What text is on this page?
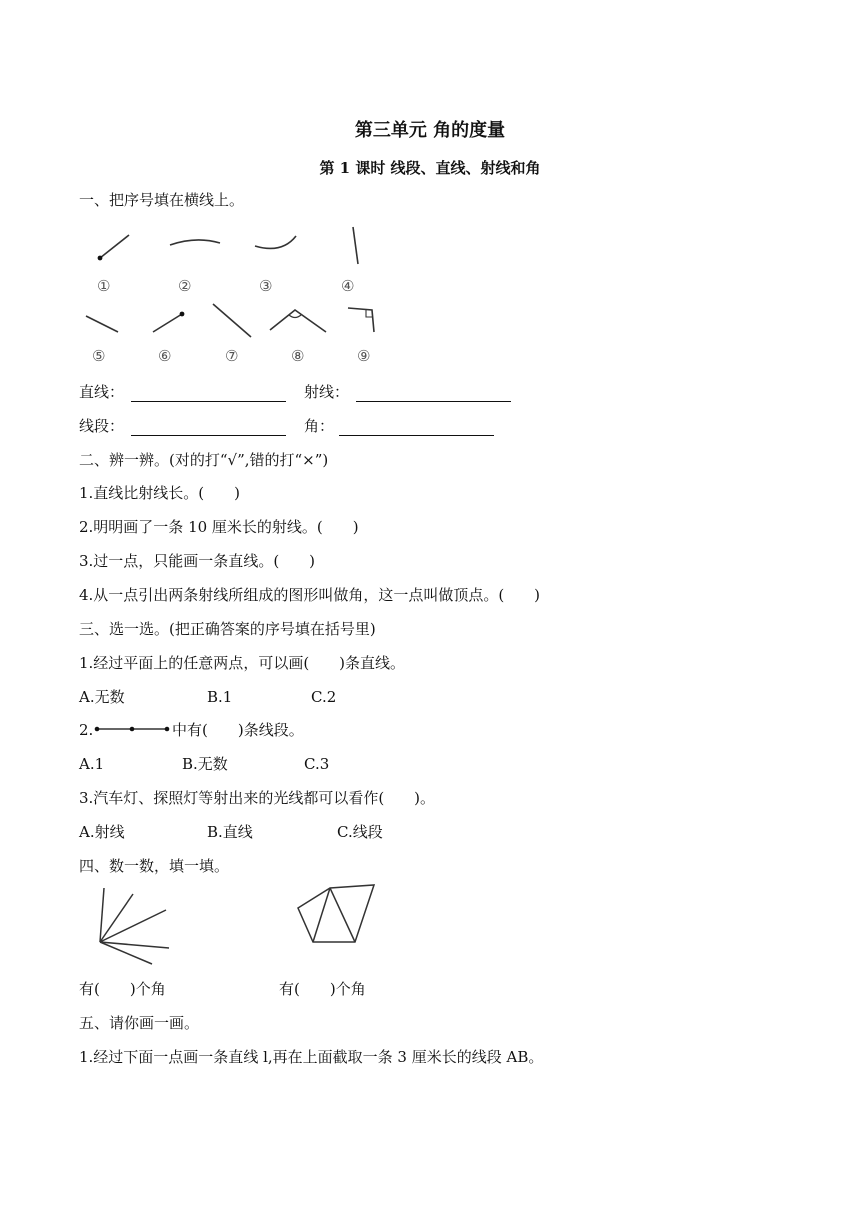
第三单元 角的度量
第 1 课时 线段、直线、射线和角
一、把序号填在横线上。
①	②	③	④
⑤	⑥	⑦	⑧	⑨
直线：	射线：
线段：	角：
二、辨一辨。(对的打“√”,错的打“×”)
1.直线比射线长。(　　)
2.明明画了一条 10 厘米长的射线。(　　)
3.过一点，只能画一条直线。(　　)
4.从一点引出两条射线所组成的图形叫做角，这一点叫做顶点。(　　)
三、选一选。(把正确答案的序号填在括号里)
1.经过平面上的任意两点，可以画(　　)条直线。
A.无数	B.1	C.2
2.	中有(　　)条线段。
A.1	B.无数	C.3
3.汽车灯、探照灯等射出来的光线都可以看作(　　)。
A.射线	B.直线	C.线段
四、数一数，填一填。
有(　　)个角	有(　　)个角
五、请你画一画。
1.经过下面一点画一条直线 l,再在上面截取一条 3 厘米长的线段 AB。
